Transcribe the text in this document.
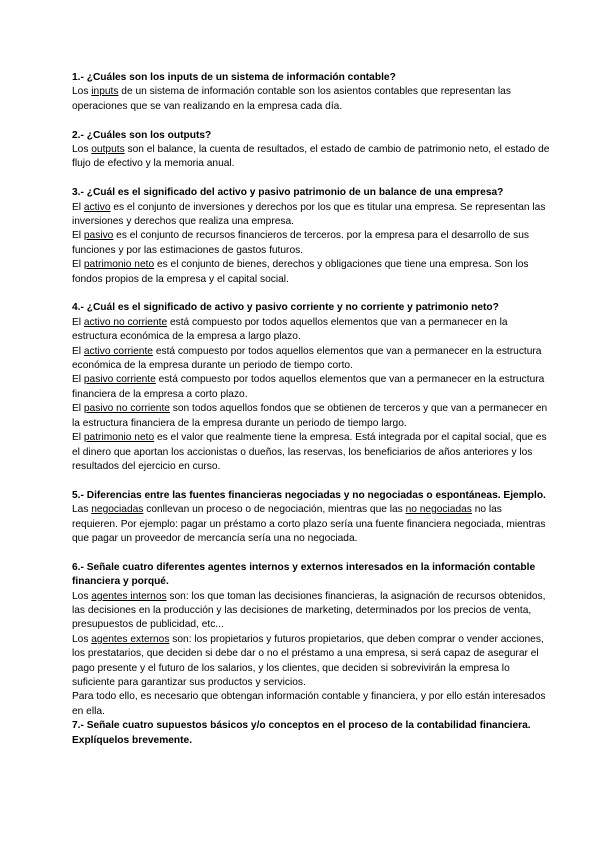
1.- ¿Cuáles son los inputs de un sistema de información contable?

Los inputs de un sistema de información contable son los asientos contables que representan las operaciones que se van realizando en la empresa cada día.

2.- ¿Cuáles son los outputs?

Los outputs son el balance, la cuenta de resultados, el estado de cambio de patrimonio neto, el estado de flujo de efectivo y la memoria anual.

3.- ¿Cuál es el significado del activo y pasivo patrimonio de un balance de una empresa?

El activo es el conjunto de inversiones y derechos por los que es titular una empresa. Se representan las inversiones y derechos que realiza una empresa.

El pasivo es el conjunto de recursos financieros de terceros. por la empresa para el desarrollo de sus funciones y por las estimaciones de gastos futuros.

El patrimonio neto es el conjunto de bienes, derechos y obligaciones que tiene una empresa. Son los fondos propios de la empresa y el capital social.

4.- ¿Cuál es el significado de activo y pasivo corriente y no corriente y patrimonio neto?

El activo no corriente está compuesto por todos aquellos elementos que van a permanecer en la estructura económica de la empresa a largo plazo.

El activo corriente está compuesto por todos aquellos elementos que van a permanecer en la estructura económica de la empresa durante un periodo de tiempo corto.

El pasivo corriente está compuesto por todos aquellos elementos que van a permanecer en la estructura financiera de la empresa a corto plazo.

El pasivo no corriente son todos aquellos fondos que se obtienen de terceros y que van a permanecer en la estructura financiera de la empresa durante un periodo de tiempo largo.

El patrimonio neto es el valor que realmente tiene la empresa. Está integrada por el capital social, que es el dinero que aportan los accionistas o dueños, las reservas, los beneficiarios de años anteriores y los resultados del ejercicio en curso.

5.- Diferencias entre las fuentes financieras negociadas y no negociadas o espontáneas. Ejemplo.

Las negociadas conllevan un proceso o de negociación, mientras que las no negociadas no las requieren. Por ejemplo: pagar un préstamo a corto plazo sería una fuente financiera negociada, mientras que pagar un proveedor de mercancía sería una no negociada.

6.- Señale cuatro diferentes agentes internos y externos interesados en la información contable financiera y porqué.

Los agentes internos son: los que toman las decisiones financieras, la asignación de recursos obtenidos, las decisiones en la producción y las decisiones de marketing, determinados por los precios de venta, presupuestos de publicidad, etc...

Los agentes externos son: los propietarios y futuros propietarios, que deben comprar o vender acciones, los prestatarios, que deciden si debe dar o no el préstamo a una empresa, si será capaz de asegurar el pago presente y el futuro de los salarios, y los clientes, que deciden si sobrevivirán la empresa lo suficiente para garantizar sus productos y servicios.

Para todo ello, es necesario que obtengan información contable y financiera, y por ello están interesados en ella.

7.- Señale cuatro supuestos básicos y/o conceptos en el proceso de la contabilidad financiera. Explíquelos brevemente.
